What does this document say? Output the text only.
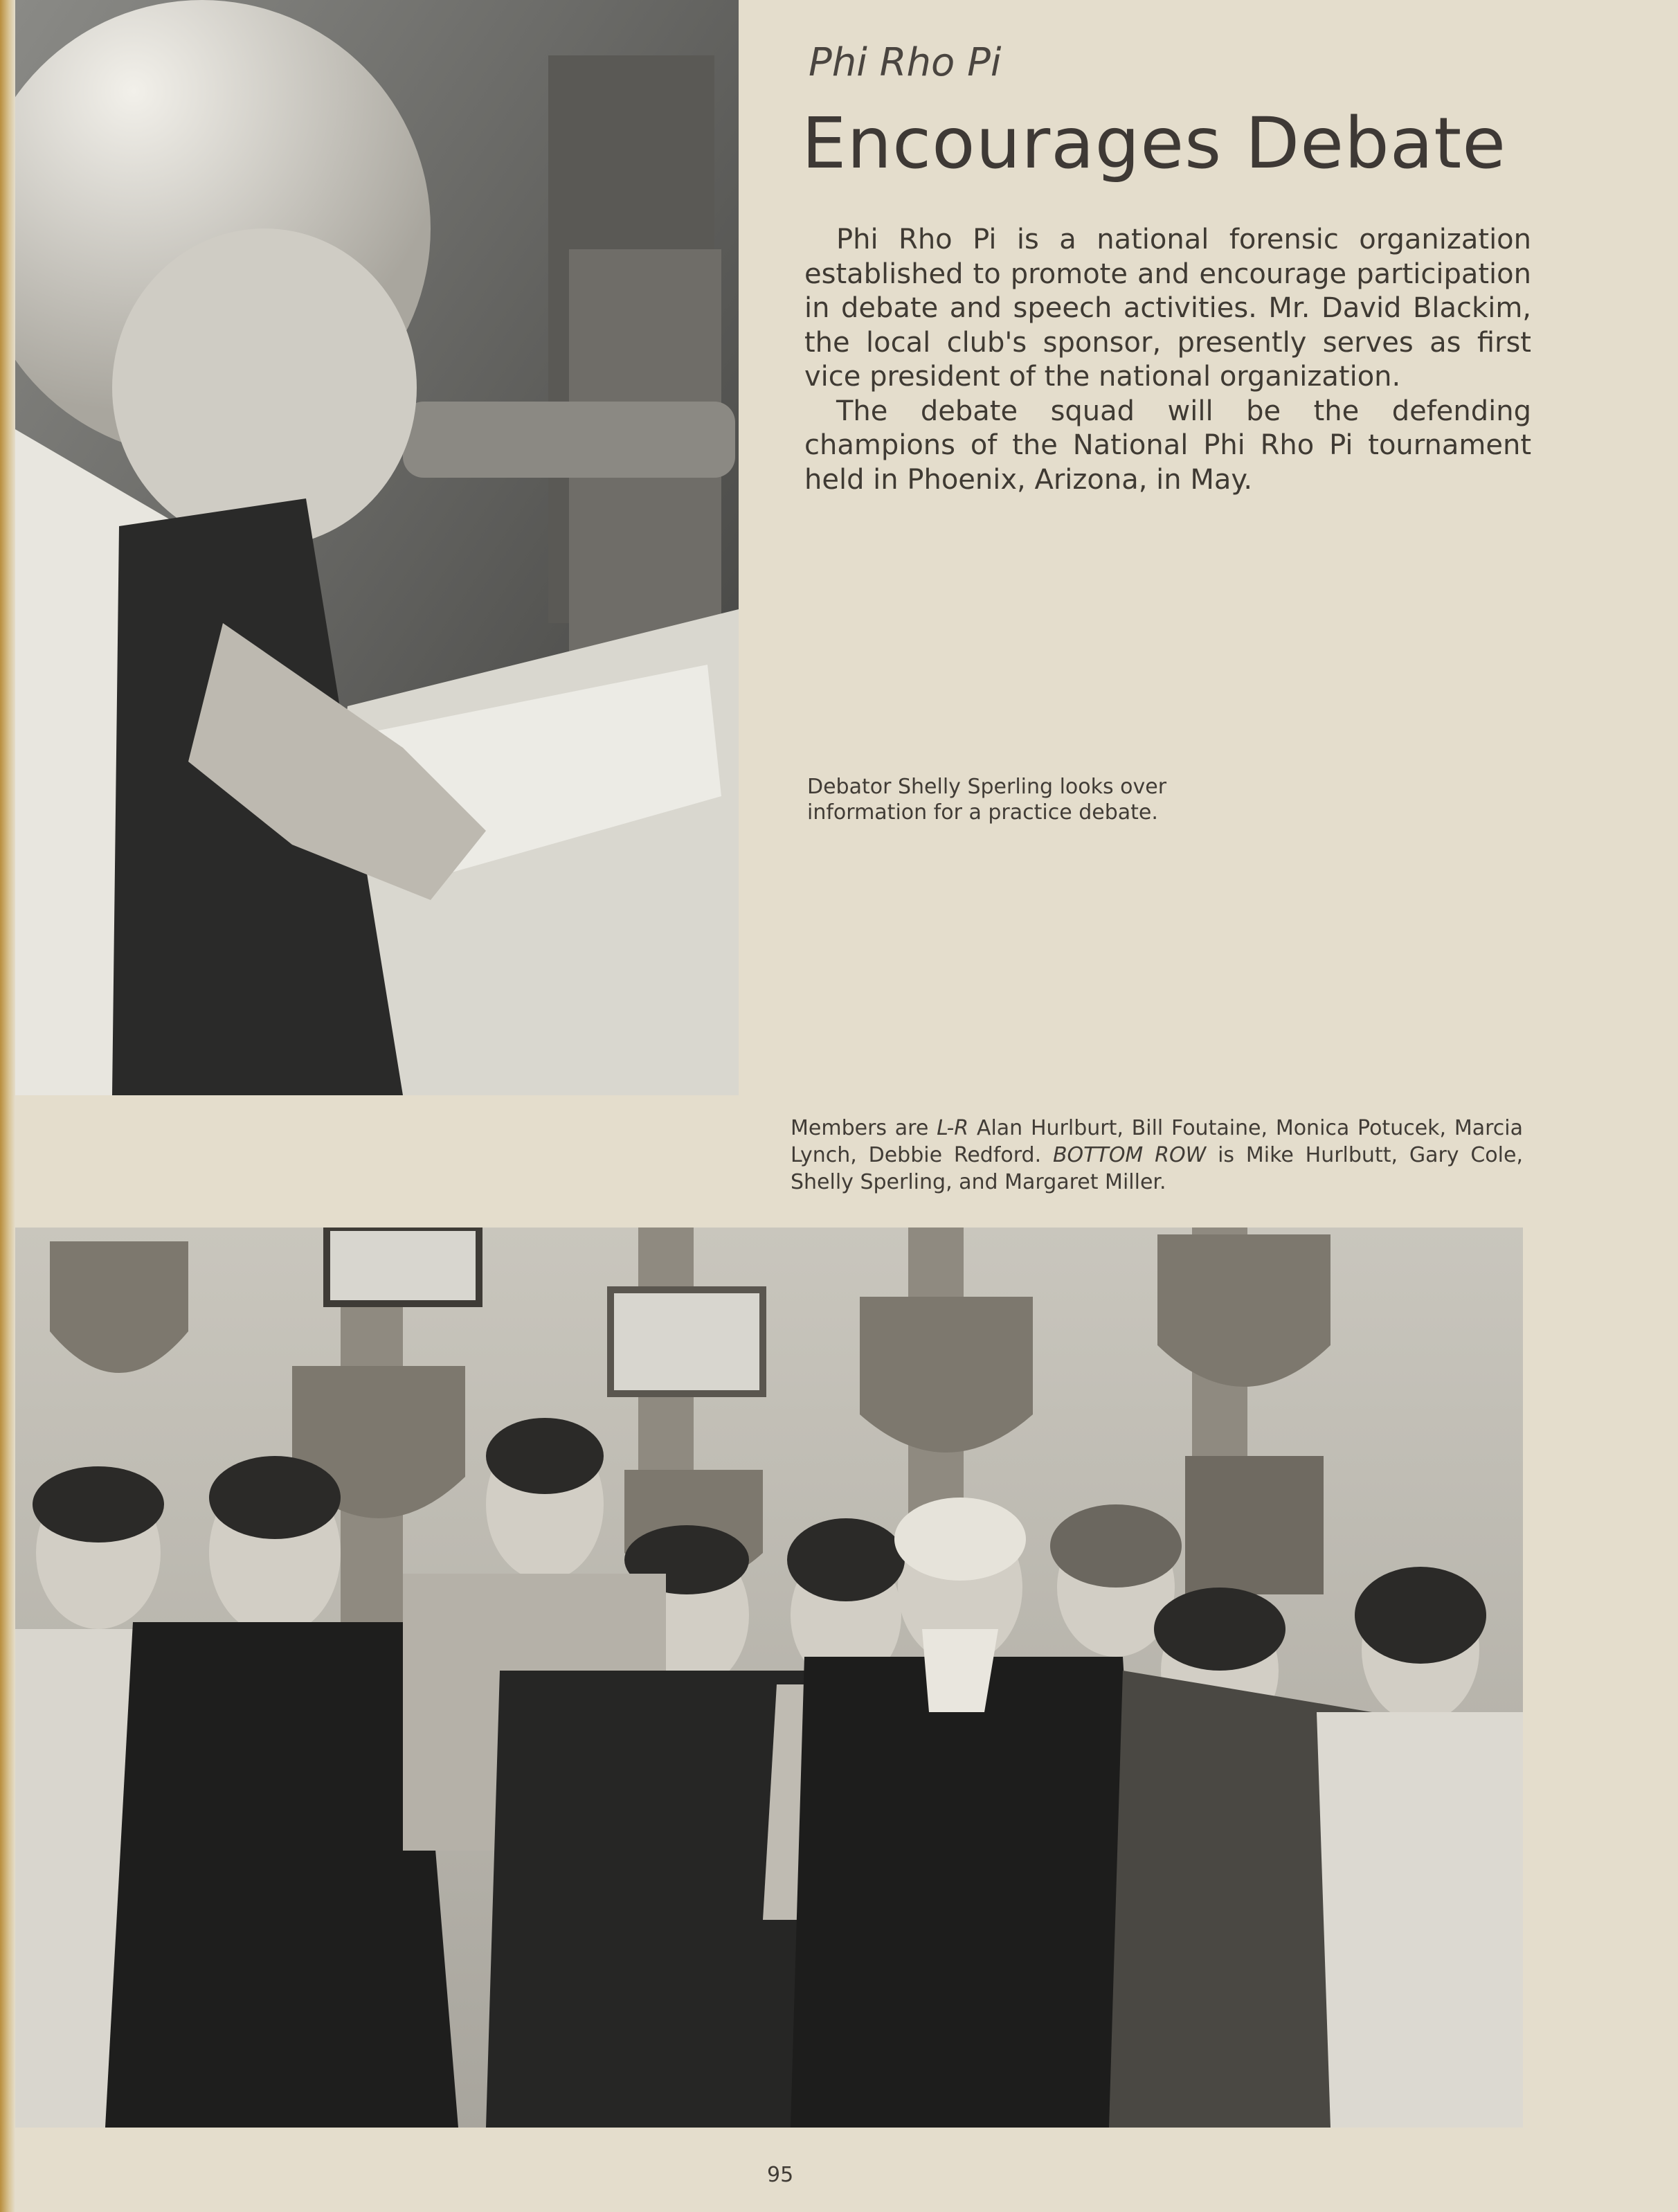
Phi Rho Pi
Encourages Debate

Phi Rho Pi is a national forensic organization established to promote and encourage participation in debate and speech activities. Mr. David Blackim, the local club's sponsor, presently serves as first vice president of the national organization.

The debate squad will be the defending champions of the National Phi Rho Pi tournament held in Phoenix, Arizona, in May.

Debator Shelly Sperling looks over information for a practice debate.
Members are L-R Alan Hurlburt, Bill Foutaine, Monica Potucek, Marcia Lynch, Debbie Redford. BOTTOM ROW is Mike Hurlbutt, Gary Cole, Shelly Sperling, and Margaret Miller.
95
